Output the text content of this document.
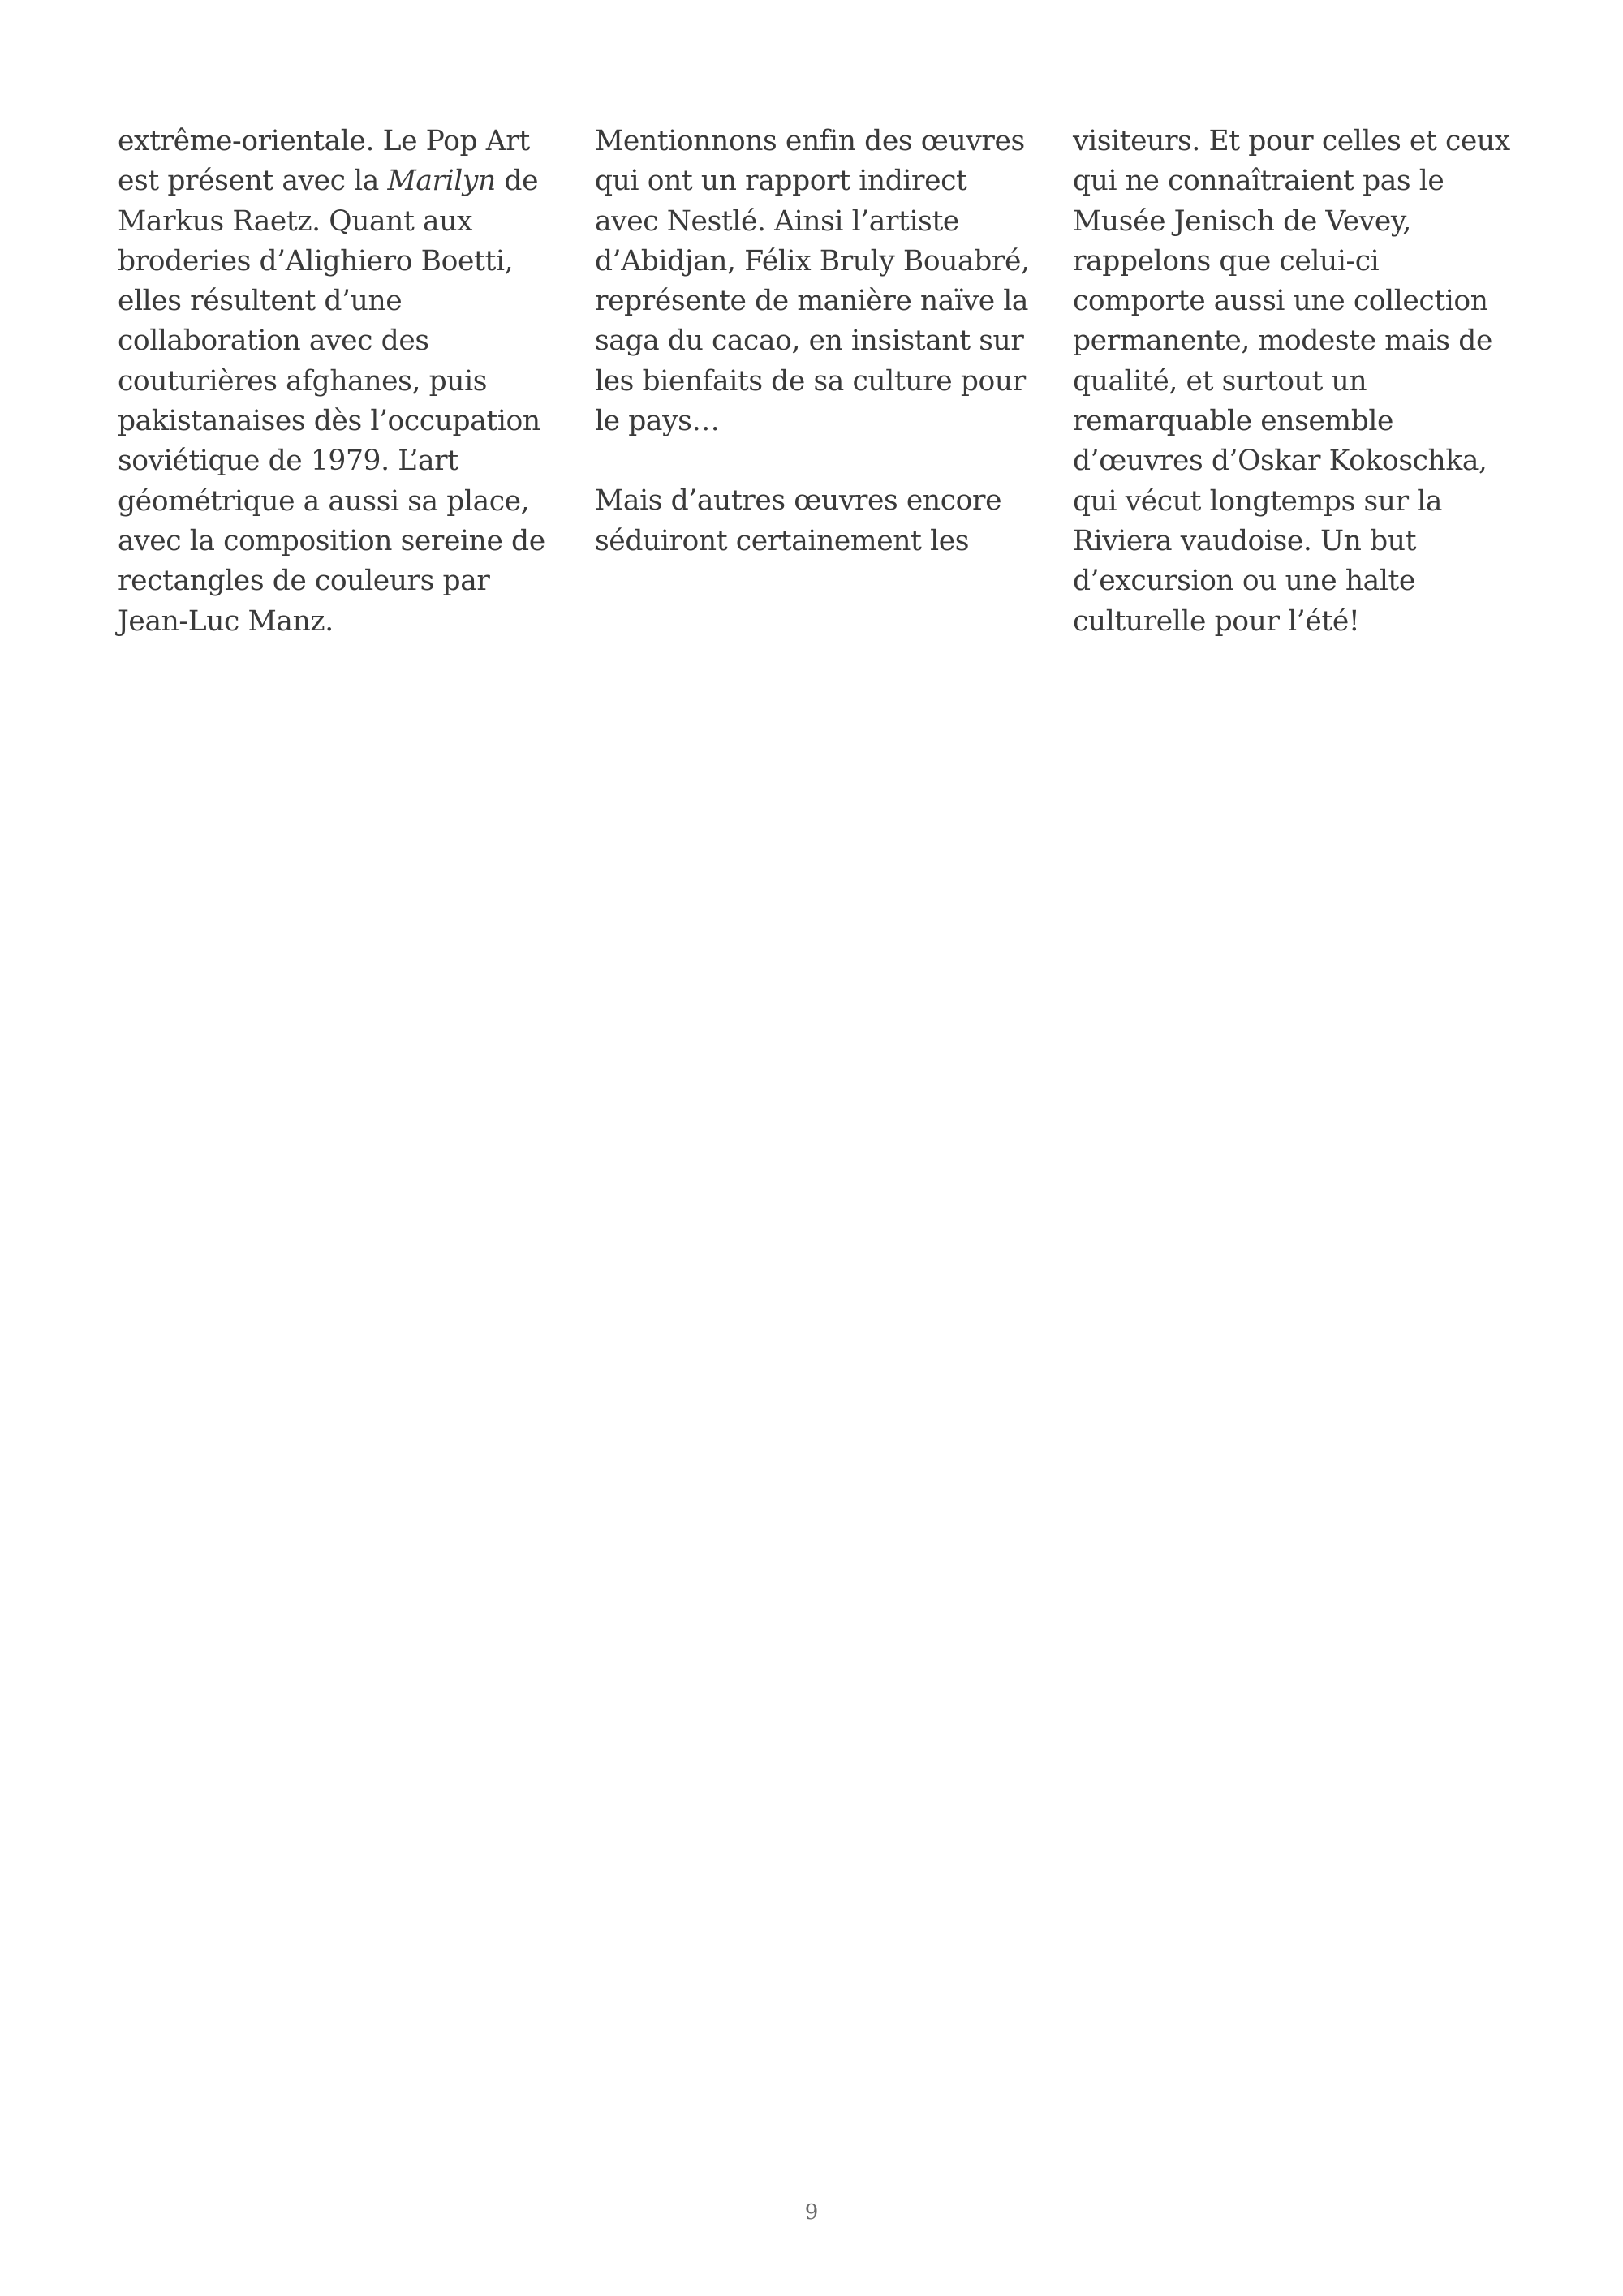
extrême-orientale. Le Pop Art
est présent avec la Marilyn de
Markus Raetz. Quant aux
broderies d’Alighiero Boetti,
elles résultent d’une
collaboration avec des
couturières afghanes, puis
pakistanaises dès l’occupation
soviétique de 1979. L’art
géométrique a aussi sa place,
avec la composition sereine de
rectangles de couleurs par
Jean-Luc Manz.

Mentionnons enfin des œuvres
qui ont un rapport indirect
avec Nestlé. Ainsi l’artiste
d’Abidjan, Félix Bruly Bouabré,
représente de manière naïve la
saga du cacao, en insistant sur
les bienfaits de sa culture pour
le pays…

Mais d’autres œuvres encore
séduiront certainement les

visiteurs. Et pour celles et ceux
qui ne connaîtraient pas le
Musée Jenisch de Vevey,
rappelons que celui-ci
comporte aussi une collection
permanente, modeste mais de
qualité, et surtout un
remarquable ensemble
d’œuvres d’Oskar Kokoschka,
qui vécut longtemps sur la
Riviera vaudoise. Un but
d’excursion ou une halte
culturelle pour l’été!

9
